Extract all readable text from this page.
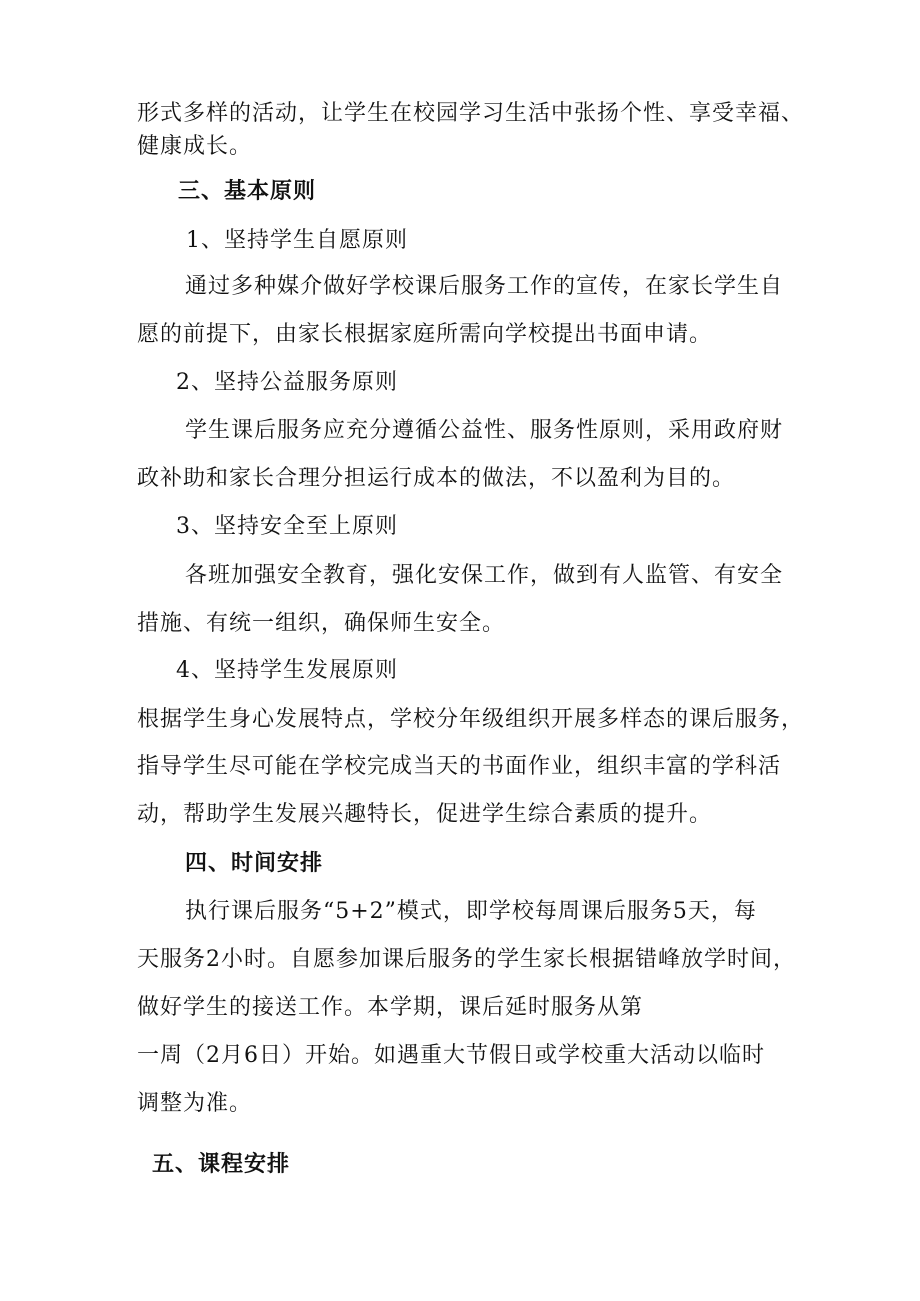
形式多样的活动，让学生在校园学习生活中张扬个性、享受幸福、
健康成长。
三、基本原则
1、坚持学生自愿原则
通过多种媒介做好学校课后服务工作的宣传，在家长学生自
愿的前提下，由家长根据家庭所需向学校提出书面申请。
2、坚持公益服务原则
学生课后服务应充分遵循公益性、服务性原则，采用政府财
政补助和家长合理分担运行成本的做法，不以盈利为目的。
3、坚持安全至上原则
各班加强安全教育，强化安保工作，做到有人监管、有安全
措施、有统一组织，确保师生安全。
4、坚持学生发展原则
根据学生身心发展特点，学校分年级组织开展多样态的课后服务，
指导学生尽可能在学校完成当天的书面作业，组织丰富的学科活
动，帮助学生发展兴趣特长，促进学生综合素质的提升。
四、时间安排
执行课后服务“5+2”模式，即学校每周课后服务5天，每
天服务2小时。自愿参加课后服务的学生家长根据错峰放学时间，
做好学生的接送工作。本学期，课后延时服务从第
一周（2月6日）开始。如遇重大节假日或学校重大活动以临时
调整为准。
五、课程安排
